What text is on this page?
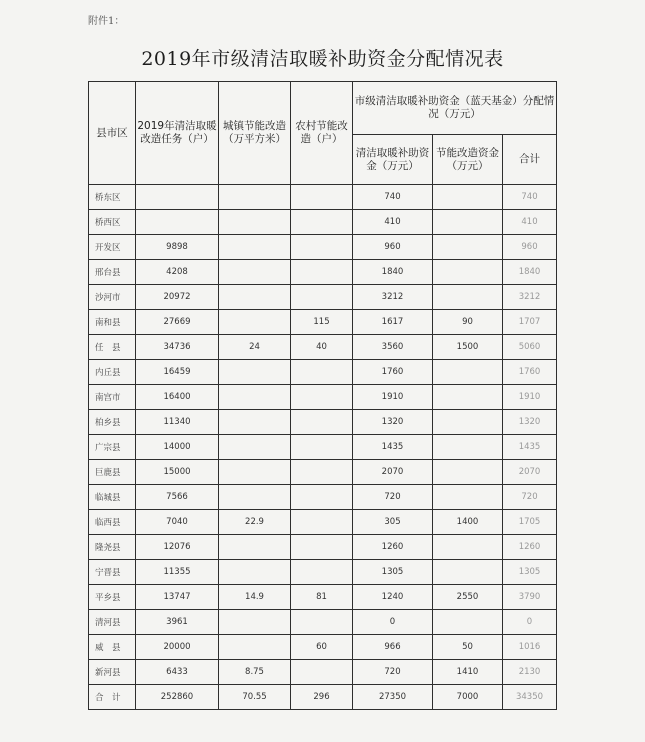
附件1：
2019年市级清洁取暖补助资金分配情况表
县市区	2019年清洁取暖改造任务（户）	城镇节能改造（万平方米）	农村节能改造（户）	市级清洁取暖补助资金（蓝天基金）分配情况（万元）		
				清洁取暖补助资金（万元）	节能改造资金（万元）	合计
桥东区				740		740
桥西区				410		410
开发区	9898			960		960
邢台县	4208			1840		1840
沙河市	20972			3212		3212
南和县	27669		115	1617	90	1707
任　县	34736	24	40	3560	1500	5060
内丘县	16459			1760		1760
南宫市	16400			1910		1910
柏乡县	11340			1320		1320
广宗县	14000			1435		1435
巨鹿县	15000			2070		2070
临城县	7566			720		720
临西县	7040	22.9		305	1400	1705
隆尧县	12076			1260		1260
宁晋县	11355			1305		1305
平乡县	13747	14.9	81	1240	2550	3790
清河县	3961			0		0
威　县	20000		60	966	50	1016
新河县	6433	8.75		720	1410	2130
合　计	252860	70.55	296	27350	7000	34350
